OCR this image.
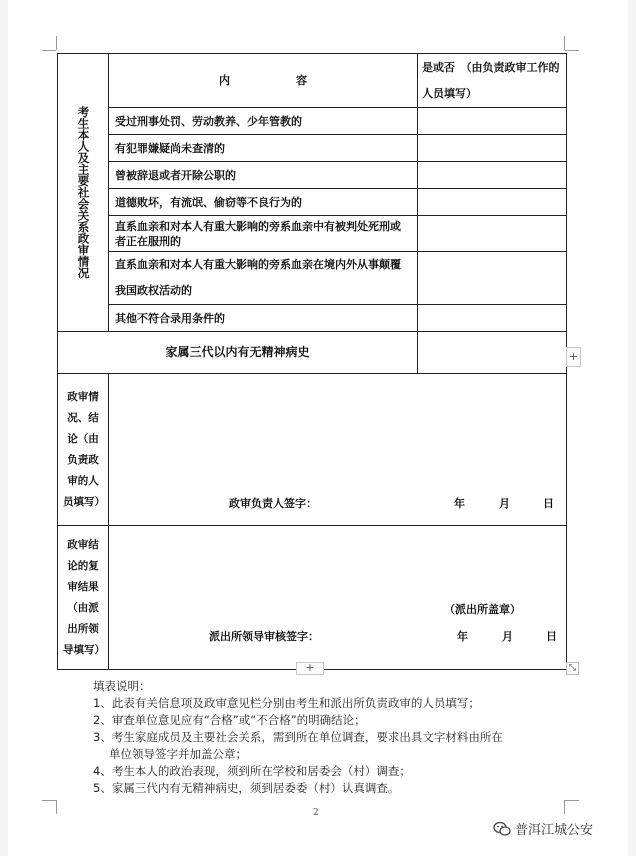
考生本人及主要社会关系政审情况	内　　　　　　容	是或否　（由负责政审工作的人员填写）
	受过刑事处罚、劳动教养、少年管教的	
	有犯罪嫌疑尚未查清的	
	曾被辞退或者开除公职的	
	道德败坏，有流氓、偷窃等不良行为的	
	直系血亲和对本人有重大影响的旁系血亲中有被判处死刑或者正在服刑的	
	直系血亲和对本人有重大影响的旁系血亲在境内外从事颠覆我国政权活动的	
	其他不符合录用条件的	
家属三代以内有无精神病史		

政审情况、结论（由负责政审的人员填写）	政审负责人签字： 年 月 日	

政审结论的复审结果（由派出所领导填写）	（派出所盖章）
派出所领导审核签字： 年 月 日	
+
+	⤡

填表说明：

1、此表有关信息项及政审意见栏分别由考生和派出所负责政审的人员填写；

2、审查单位意见应有“合格”或“不合格”的明确结论；

3、考生家庭成员及主要社会关系，需到所在单位调查，要求出具文字材料由所在

单位领导签字并加盖公章；

4、考生本人的政治表现，须到所在学校和居委会（村）调查；

5、家属三代内有无精神病史，须到居委委（村）认真调查。

2
普洱江城公安
